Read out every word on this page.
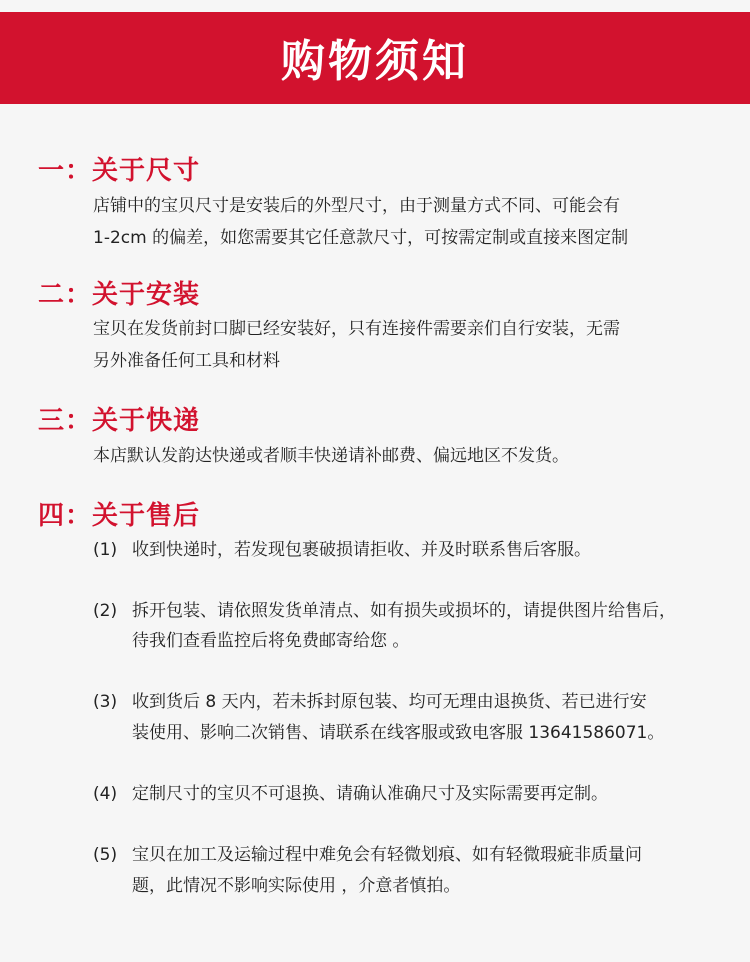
购物须知
一：关于尺寸
店铺中的宝贝尺寸是安装后的外型尺寸，由于测量方式不同、可能会有
1-2cm 的偏差，如您需要其它任意款尺寸，可按需定制或直接来图定制
二：关于安装
宝贝在发货前封口脚已经安装好，只有连接件需要亲们自行安装，无需
另外准备任何工具和材料
三：关于快递
本店默认发韵达快递或者顺丰快递请补邮费、偏远地区不发货。
四：关于售后
(1) 收到快递时，若发现包裹破损请拒收、并及时联系售后客服。
(2) 拆开包装、请依照发货单清点、如有损失或损坏的，请提供图片给售后，
待我们查看监控后将免费邮寄给您 。
(3) 收到货后 8 天内，若未拆封原包装、均可无理由退换货、若已进行安
装使用、影响二次销售、请联系在线客服或致电客服 13641586071。
(4) 定制尺寸的宝贝不可退换、请确认准确尺寸及实际需要再定制。
(5) 宝贝在加工及运输过程中难免会有轻微划痕、如有轻微瑕疵非质量问
题，此情况不影响实际使用 ，介意者慎拍。
